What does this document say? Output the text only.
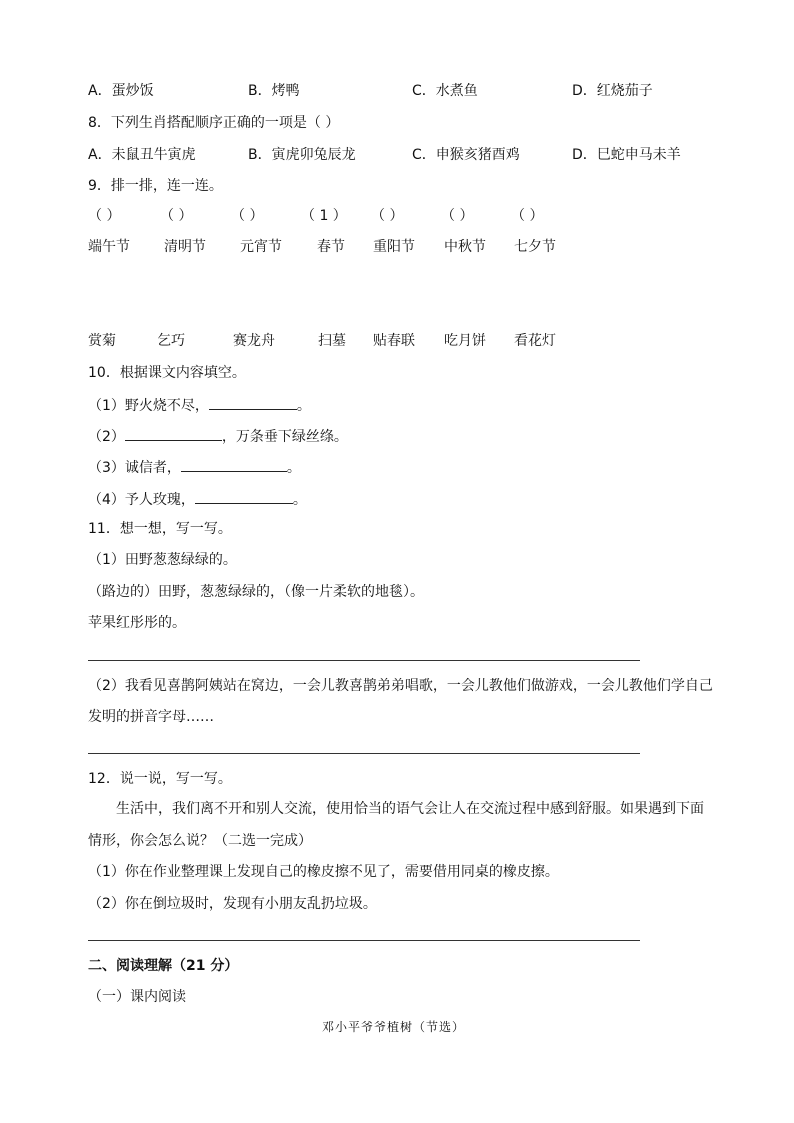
A．蛋炒饭	B．烤鸭	C．水煮鱼	D．红烧茄子
8．下列生肖搭配顺序正确的一项是（ ）
A．未鼠丑牛寅虎	B．寅虎卯兔辰龙	C．申猴亥猪酉鸡	D．巳蛇申马未羊
9．排一排，连一连。
（ ）	（ ）	（ ）	（ 1 ） （ ）	（ ）	（ ）
端午节 清明节 元宵节	春节 重阳节 中秋节 七夕节
赏菊	乞巧	赛龙舟	扫墓 贴春联 吃月饼 看花灯
10．根据课文内容填空。
（1）野火烧不尽，	。
（2）	，万条垂下绿丝绦。
（3）诚信者，	。
（4）予人玫瑰，	。
11．想一想，写一写。
（1）田野葱葱绿绿的。
（路边的）田野，葱葱绿绿的，（像一片柔软的地毯）。
苹果红彤彤的。
（2）我看见喜鹊阿姨站在窝边，一会儿教喜鹊弟弟唱歌，一会儿教他们做游戏，一会儿教他们学自己
发明的拼音字母……
12．说一说，写一写。
生活中，我们离不开和别人交流，使用恰当的语气会让人在交流过程中感到舒服。如果遇到下面
情形，你会怎么说？（二选一完成）
（1）你在作业整理课上发现自己的橡皮擦不见了，需要借用同桌的橡皮擦。
（2）你在倒垃圾时，发现有小朋友乱扔垃圾。
二、阅读理解（21 分）
（一）课内阅读
邓小平爷爷植树（节选）
